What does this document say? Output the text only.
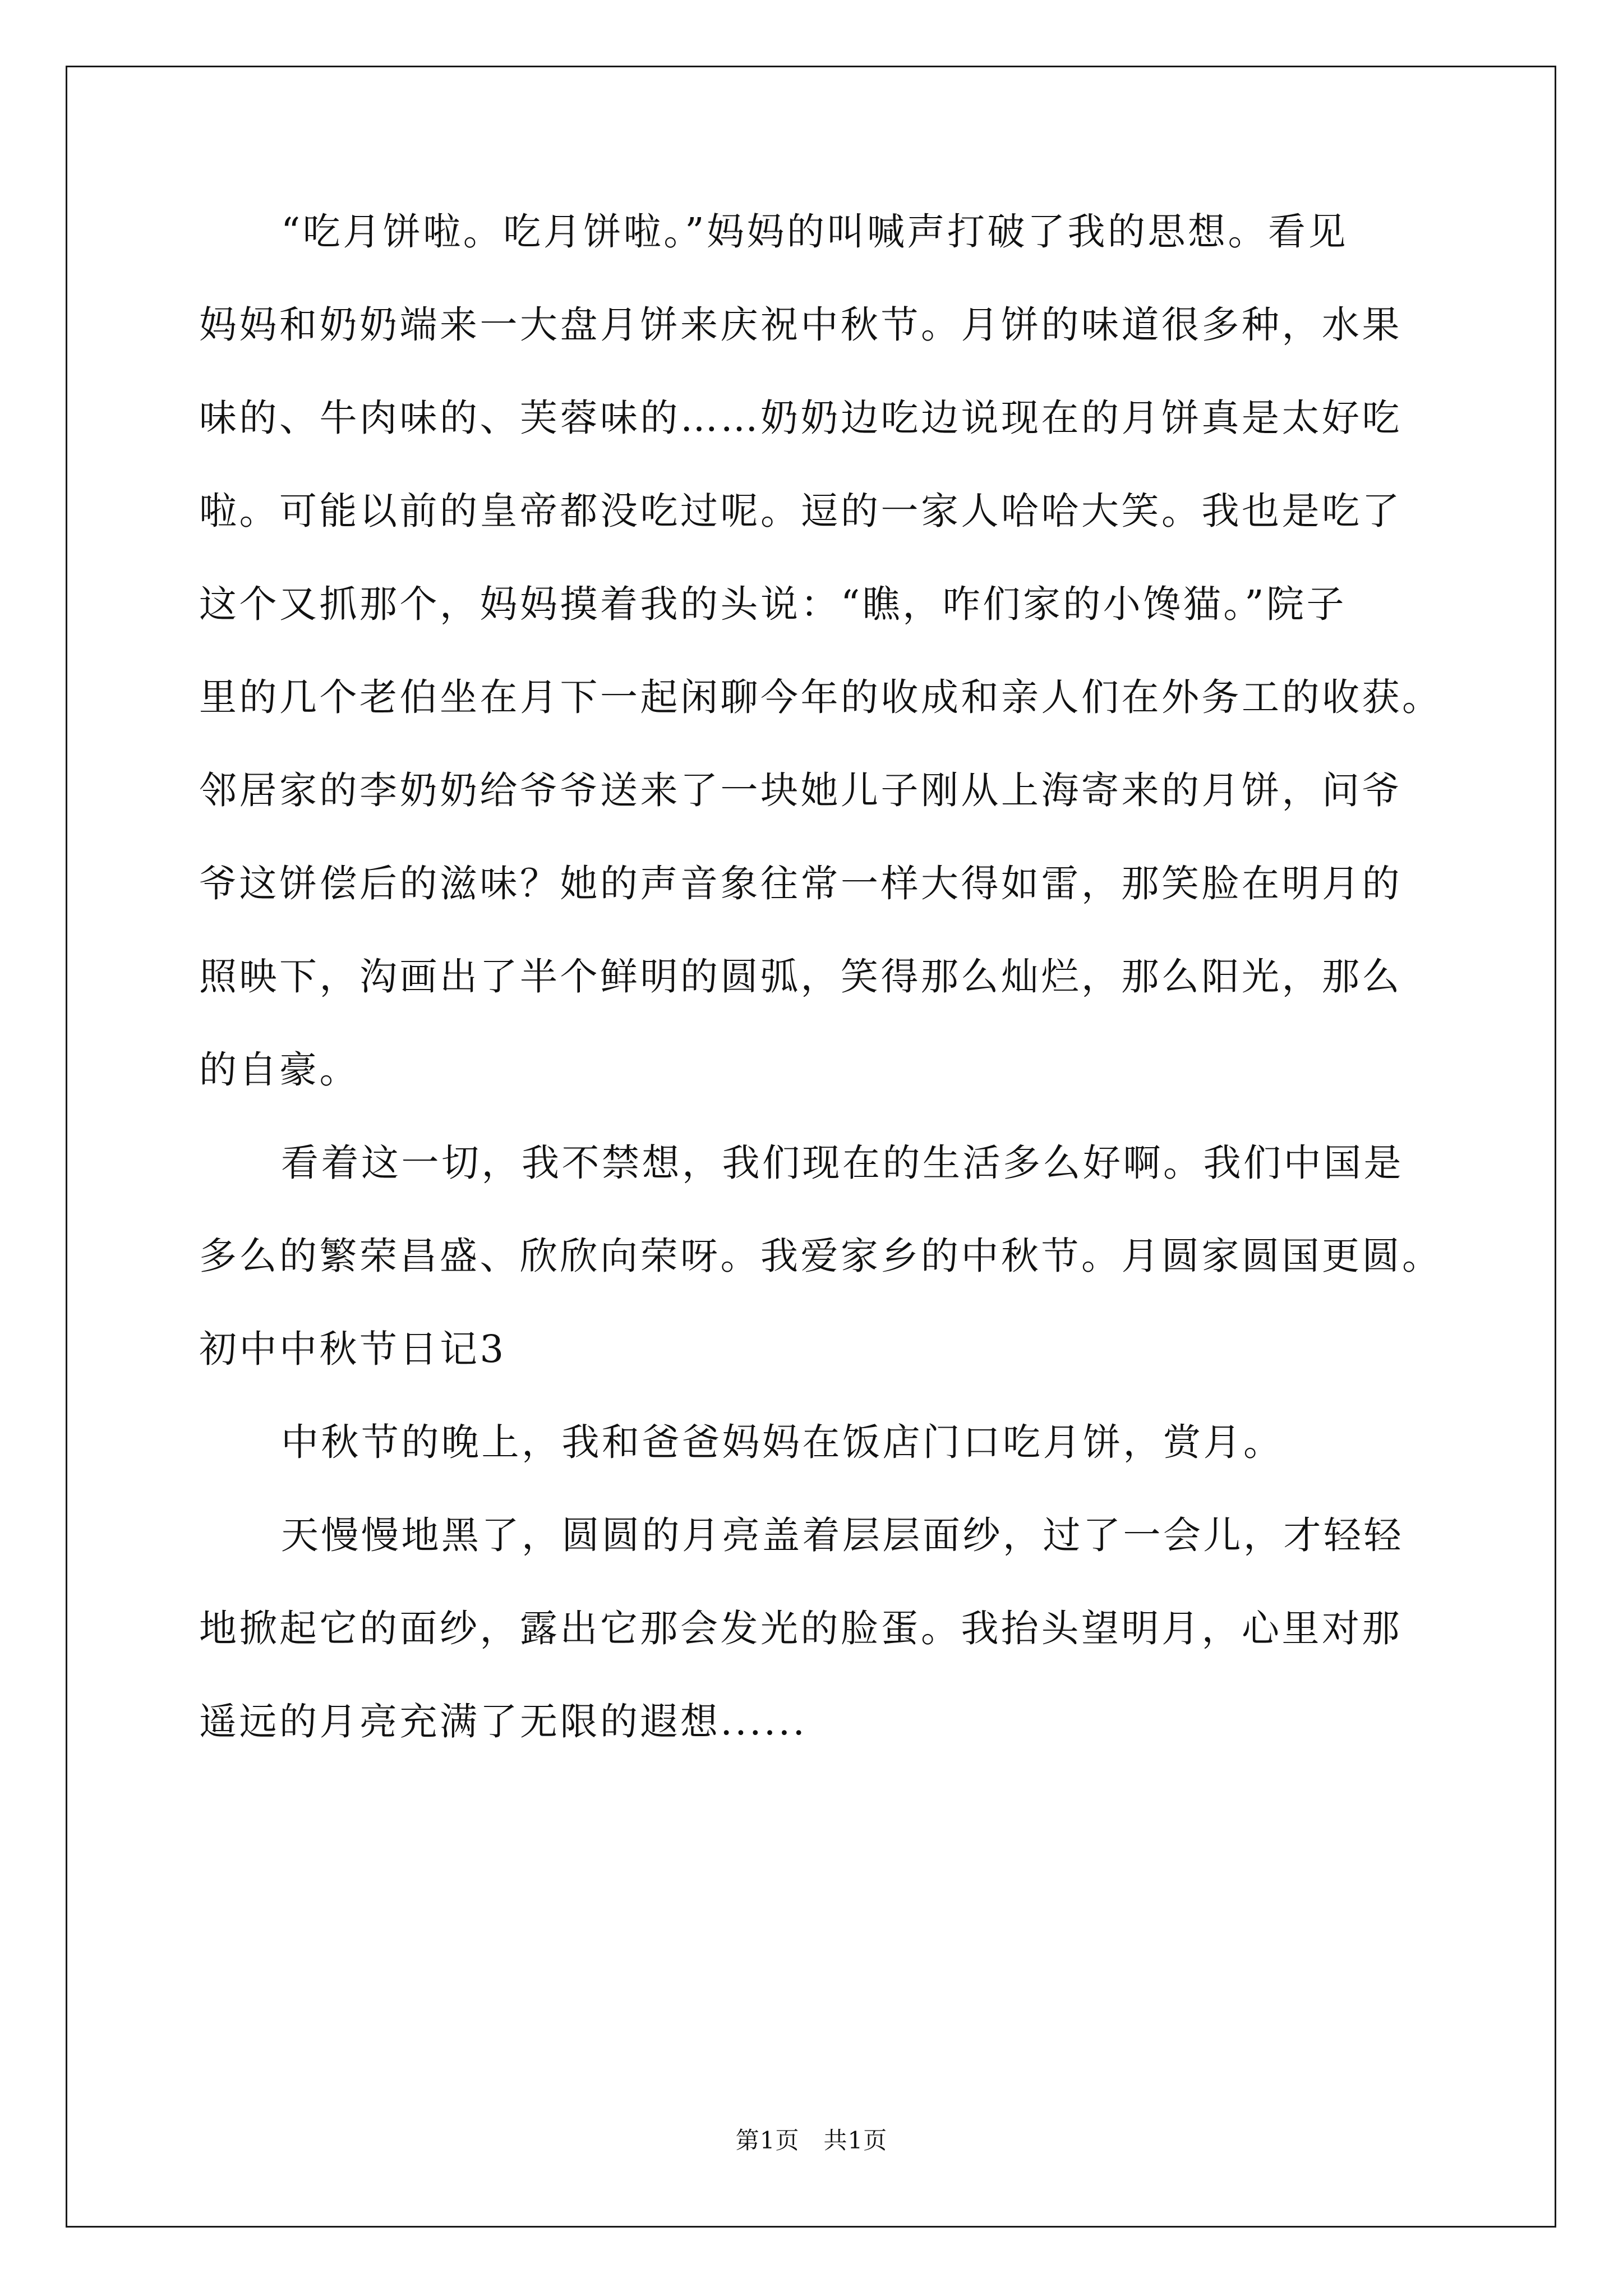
“吃月饼啦。吃月饼啦。”妈妈的叫喊声打破了我的思想。看见
妈妈和奶奶端来一大盘月饼来庆祝中秋节。月饼的味道很多种，水果
味的、牛肉味的、芙蓉味的……奶奶边吃边说现在的月饼真是太好吃
啦。可能以前的皇帝都没吃过呢。逗的一家人哈哈大笑。我也是吃了
这个又抓那个，妈妈摸着我的头说：“瞧，咋们家的小馋猫。”院子
里的几个老伯坐在月下一起闲聊今年的收成和亲人们在外务工的收获。
邻居家的李奶奶给爷爷送来了一块她儿子刚从上海寄来的月饼，问爷
爷这饼偿后的滋味？她的声音象往常一样大得如雷，那笑脸在明月的
照映下，沟画出了半个鲜明的圆弧，笑得那么灿烂，那么阳光，那么
的自豪。
看着这一切，我不禁想，我们现在的生活多么好啊。我们中国是
多么的繁荣昌盛、欣欣向荣呀。我爱家乡的中秋节。月圆家圆国更圆。
初中中秋节日记3
中秋节的晚上，我和爸爸妈妈在饭店门口吃月饼，赏月。
天慢慢地黑了，圆圆的月亮盖着层层面纱，过了一会儿，才轻轻
地掀起它的面纱，露出它那会发光的脸蛋。我抬头望明月，心里对那
遥远的月亮充满了无限的遐想......
第1页　共1页
